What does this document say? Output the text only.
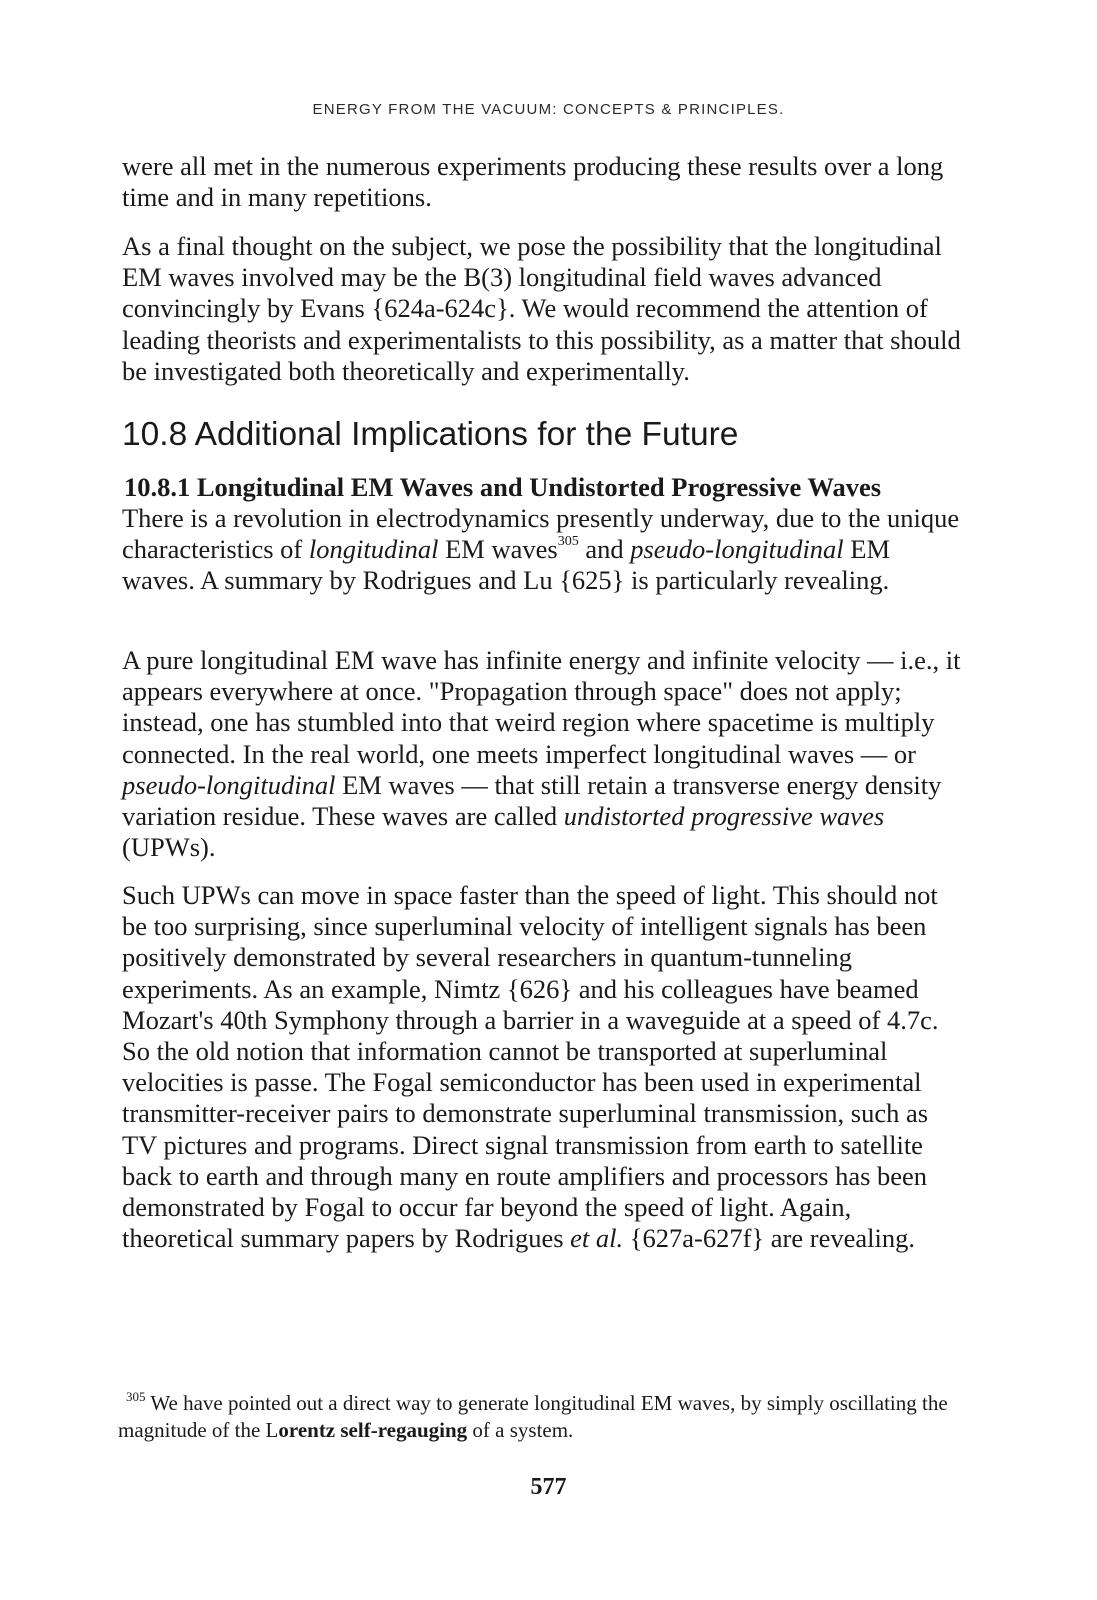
ENERGY FROM THE VACUUM: CONCEPTS & PRINCIPLES.

were all met in the numerous experiments producing these results over a long time and in many repetitions.

As a final thought on the subject, we pose the possibility that the longitudinal EM waves involved may be the B(3) longitudinal field waves advanced convincingly by Evans {624a-624c}. We would recommend the attention of leading theorists and experimentalists to this possibility, as a matter that should be investigated both theoretically and experimentally.

10.8 Additional Implications for the Future
10.8.1 Longitudinal EM Waves and Undistorted Progressive Waves

There is a revolution in electrodynamics presently underway, due to the unique characteristics of longitudinal EM waves$^{305}$ and pseudo-longitudinal EM waves. A summary by Rodrigues and Lu {625} is particularly revealing.

A pure longitudinal EM wave has infinite energy and infinite velocity — i.e., it appears everywhere at once. "Propagation through space" does not apply; instead, one has stumbled into that weird region where spacetime is multiply connected. In the real world, one meets imperfect longitudinal waves — or pseudo-longitudinal EM waves — that still retain a transverse energy density variation residue. These waves are called undistorted progressive waves (UPWs).

Such UPWs can move in space faster than the speed of light. This should not be too surprising, since superluminal velocity of intelligent signals has been positively demonstrated by several researchers in quantum-tunneling experiments. As an example, Nimtz {626} and his colleagues have beamed Mozart's 40th Symphony through a barrier in a waveguide at a speed of 4.7c. So the old notion that information cannot be transported at superluminal velocities is passe. The Fogal semiconductor has been used in experimental transmitter-receiver pairs to demonstrate superluminal transmission, such as TV pictures and programs. Direct signal transmission from earth to satellite back to earth and through many en route amplifiers and processors has been demonstrated by Fogal to occur far beyond the speed of light. Again, theoretical summary papers by Rodrigues et al. {627a-627f} are revealing.

$^{305}$ We have pointed out a direct way to generate longitudinal EM waves, by simply oscillating the magnitude of the Lorentz self-regauging of a system.

577
